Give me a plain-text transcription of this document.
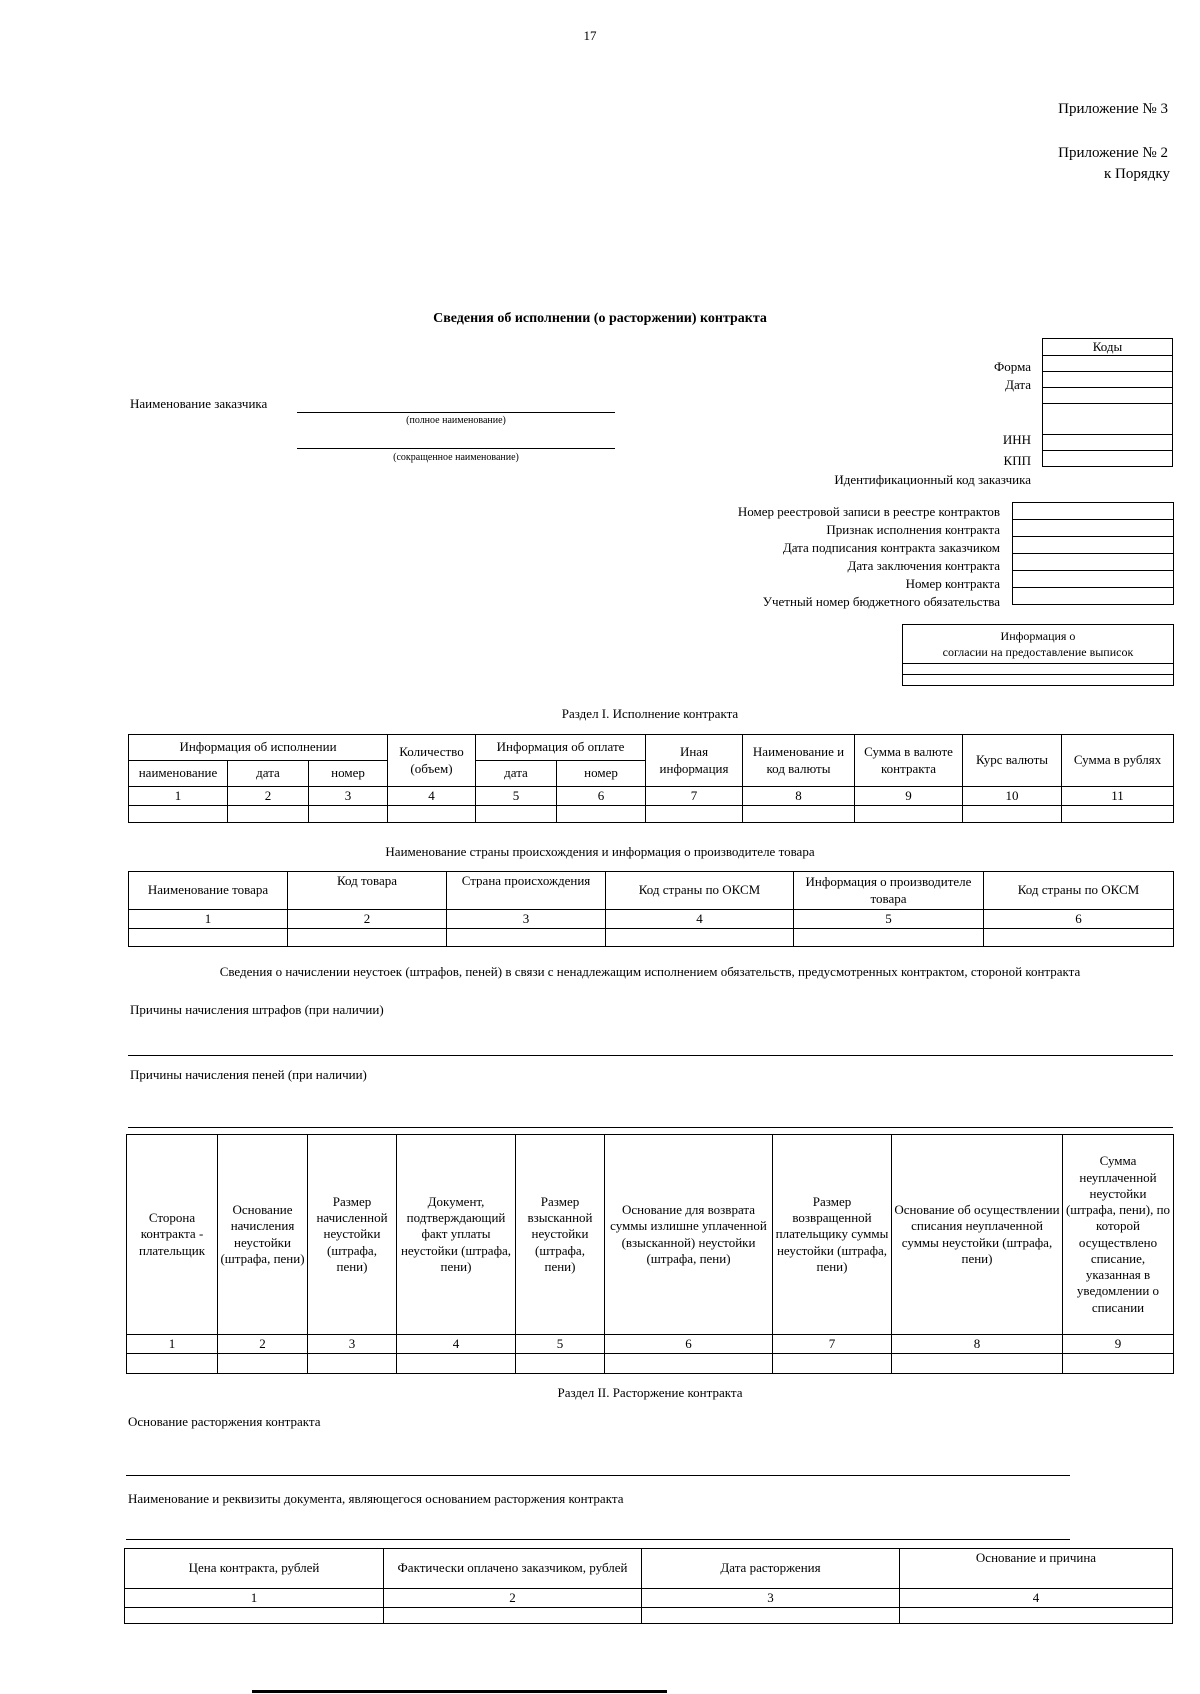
17
Приложение № 3
Приложение № 2
к Порядку
Сведения об исполнении (о расторжении) контракта
Коды

Форма
Дата
ИНН
КПП
Идентификационный код заказчика
Наименование заказчика
(полное наименование)
(сокращенное наименование)
Номер реестровой записи в реестре контрактов
Признак исполнения контракта
Дата подписания контракта заказчиком
Дата заключения контракта
Номер контракта
Учетный номер бюджетного обязательства

Информация о
согласии на предоставление выписок

Раздел I. Исполнение контракта
Информация об исполнении			Количество (объем)	Информация об оплате		Иная информация	Наименование и код валюты	Сумма в валюте контракта	Курс валюты	Сумма в рублях
наименование	дата	номер		дата	номер					
1	2	3	4	5	6	7	8	9	10	11

Наименование страны происхождения и информация о производителе товара
Наименование товара	Код товара	Страна происхождения	Код страны по ОКСМ	Информация о производителе товара	Код страны по ОКСМ
1	2	3	4	5	6

Сведения о начислении неустоек (штрафов, пеней) в связи с ненадлежащим исполнением обязательств, предусмотренных контрактом, стороной контракта
Причины начисления штрафов (при наличии)
Причины начисления пеней (при наличии)
Сторона контракта - плательщик	Основание начисления неустойки (штрафа, пени)	Размер начисленной неустойки (штрафа, пени)	Документ, подтверждающий факт уплаты неустойки (штрафа, пени)	Размер взысканной неустойки (штрафа, пени)	Основание для возврата суммы излишне уплаченной (взысканной) неустойки (штрафа, пени)	Размер возвращенной плательщику суммы неустойки (штрафа, пени)	Основание об осуществлении списания неуплаченной суммы неустойки (штрафа, пени)	Сумма неуплаченной неустойки (штрафа, пени), по которой осуществлено списание, указанная в уведомлении о списании
1	2	3	4	5	6	7	8	9

Раздел II. Расторжение контракта
Основание расторжения контракта
Наименование и реквизиты документа, являющегося основанием расторжения контракта
Цена контракта, рублей	Фактически оплачено заказчиком, рублей	Дата расторжения	Основание и причина
1	2	3	4
